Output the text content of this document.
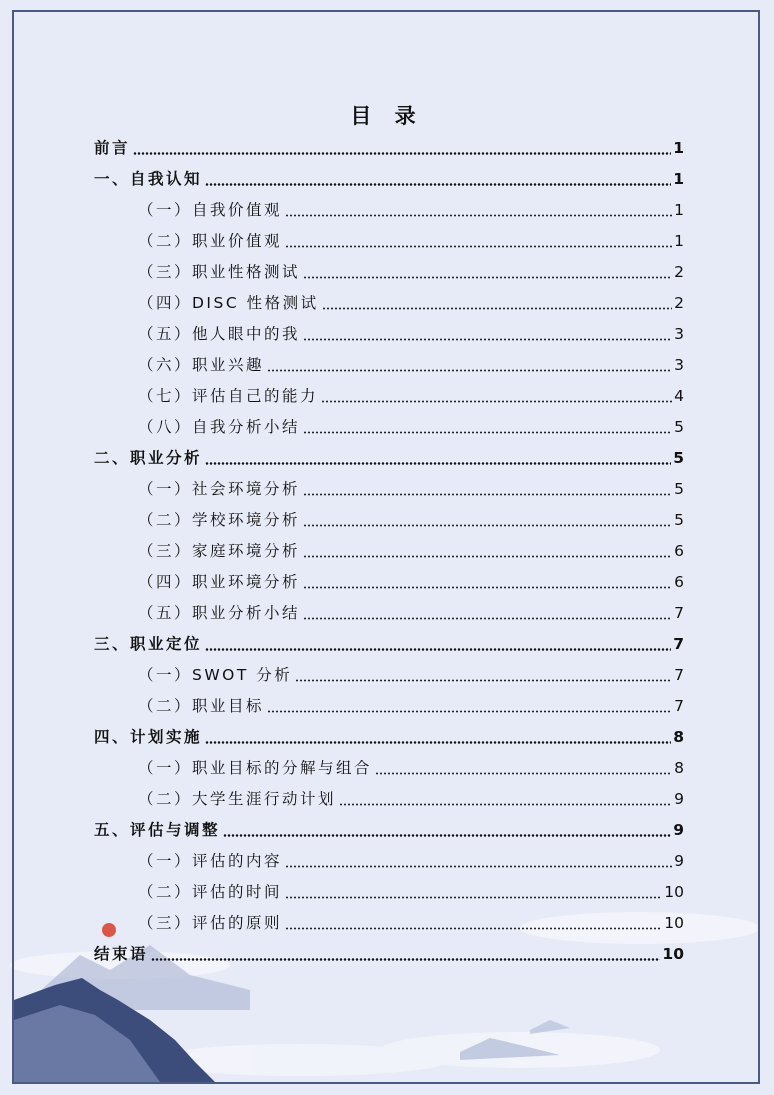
目 录
前言	1
一、自我认知	1
（一）自我价值观	1
（二）职业价值观	1
（三）职业性格测试	2
（四）DISC 性格测试	2
（五）他人眼中的我	3
（六）职业兴趣	3
（七）评估自己的能力	4
（八）自我分析小结	5
二、职业分析	5
（一）社会环境分析	5
（二）学校环境分析	5
（三）家庭环境分析	6
（四）职业环境分析	6
（五）职业分析小结	7
三、职业定位	7
（一）SWOT 分析	7
（二）职业目标	7
四、计划实施	8
（一）职业目标的分解与组合	8
（二）大学生涯行动计划	9
五、评估与调整	9
（一）评估的内容	9
（二）评估的时间	10
（三）评估的原则	10
结束语	10
